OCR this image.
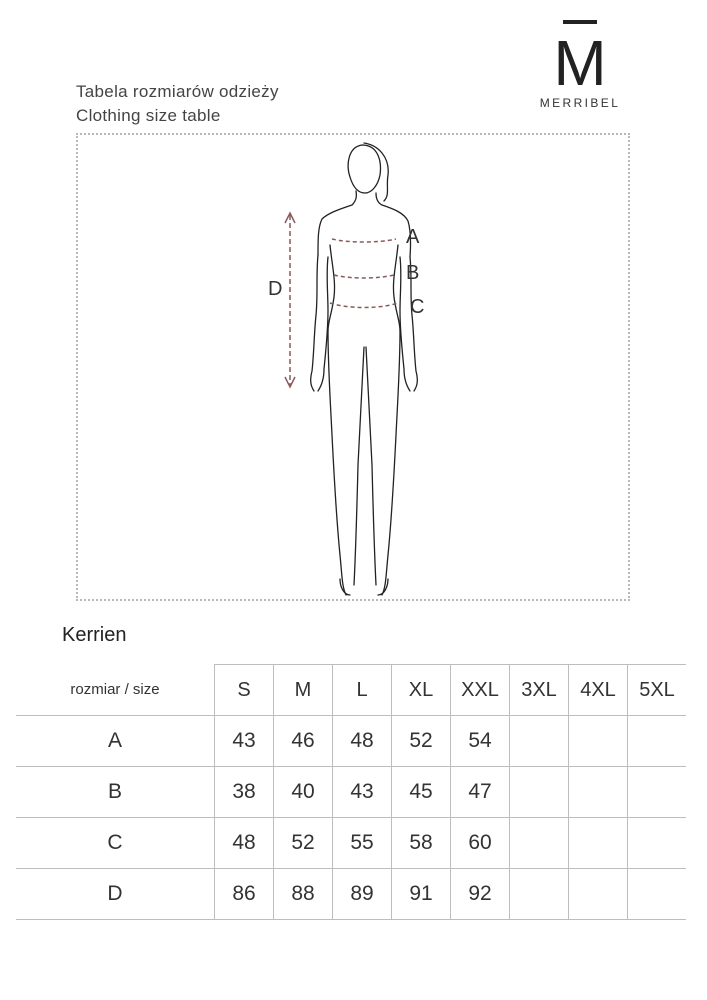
Tabela rozmiarów odzieży
Clothing size table
M
MERRIBEL
A
B
C
D
Kerrien
rozmiar / size	S	M	L	XL	XXL	3XL	4XL	5XL
A	43	46	48	52	54			
B	38	40	43	45	47			
C	48	52	55	58	60			
D	86	88	89	91	92			
